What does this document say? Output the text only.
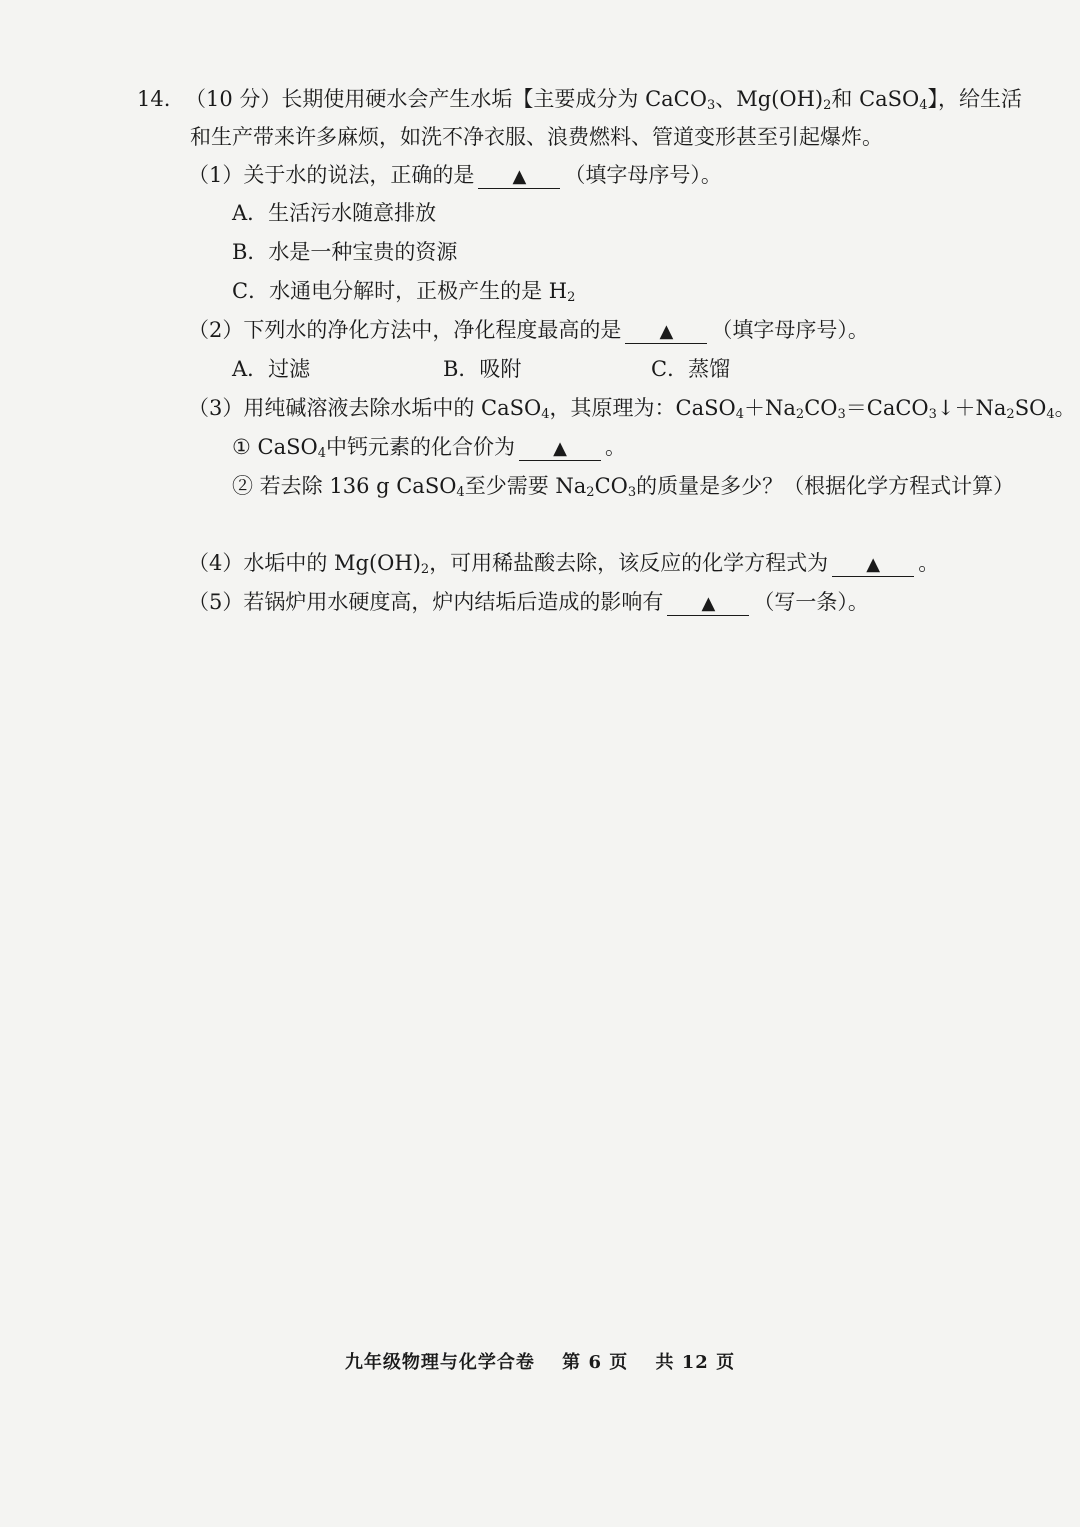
14. （10 分）长期使用硬水会产生水垢【主要成分为 CaCO$_3$、$Mg(OH)_2$和 CaSO$_4$】，给生活
和生产带来许多麻烦，如洗不净衣服、浪费燃料、管道变形甚至引起爆炸。
（1）关于水的说法，正确的是 ▲ （填字母序号）。
A．生活污水随意排放
B．水是一种宝贵的资源
C．水通电分解时，正极产生的是 $H_2$
（2）下列水的净化方法中，净化程度最高的是 ▲ （填字母序号）。
A．过滤	B．吸附	C．蒸馏
（3）用纯碱溶液去除水垢中的 CaSO$_4$，其原理为：$CaSO_4+Na_2CO_3=CaCO_3↓+Na_2SO_4$。
① CaSO$_4$中钙元素的化合价为 ▲ 。
② 若去除 136 g CaSO$_4$至少需要 $Na_2CO_3$的质量是多少？（根据化学方程式计算）
（4）水垢中的 $Mg(OH)_2$，可用稀盐酸去除，该反应的化学方程式为 ▲ 。
（5）若锅炉用水硬度高，炉内结垢后造成的影响有 ▲ （写一条）。
九年级物理与化学合卷 第 6 页 共 12 页
